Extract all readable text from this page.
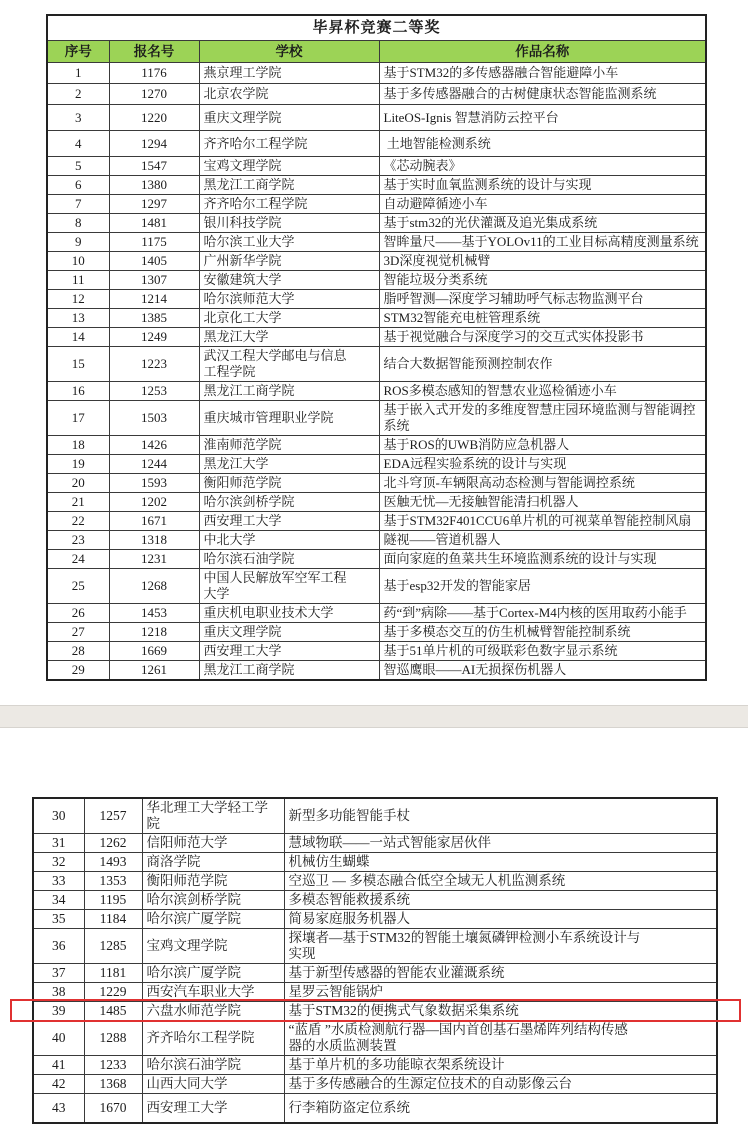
毕昇杯竞赛二等奖			
序号	报名号	学校	作品名称
1	1176	燕京理工学院	基于STM32的多传感器融合智能避障小车

2	1270	北京农学院	基于多传感器融合的古树健康状态智能监测系统

3	1220	重庆文理学院	LiteOS-Ignis 智慧消防云控平台

4	1294	齐齐哈尔工程学院	土地智能检测系统

5	1547	宝鸡文理学院	《芯动腕表》

6	1380	黑龙江工商学院	基于实时血氧监测系统的设计与实现

7	1297	齐齐哈尔工程学院	自动避障循迹小车

8	1481	银川科技学院	基于stm32的光伏灌溉及追光集成系统

9	1175	哈尔滨工业大学	智眸量尺——基于YOLOv11的工业目标高精度测量系统

10	1405	广州新华学院	3D深度视觉机械臂

11	1307	安徽建筑大学	智能垃圾分类系统

12	1214	哈尔滨师范大学	脂呼智测—深度学习辅助呼气标志物监测平台

13	1385	北京化工大学	STM32智能充电桩管理系统

14	1249	黑龙江大学	基于视觉融合与深度学习的交互式实体投影书

15	1223	武汉工程大学邮电与信息工程学院	结合大数据智能预测控制农作

16	1253	黑龙江工商学院	ROS多模态感知的智慧农业巡检循迹小车

17	1503	重庆城市管理职业学院	基于嵌入式开发的多维度智慧庄园环境监测与智能调控系统

18	1426	淮南师范学院	基于ROS的UWB消防应急机器人

19	1244	黑龙江大学	EDA远程实验系统的设计与实现

20	1593	衡阳师范学院	北斗穹顶-车辆限高动态检测与智能调控系统

21	1202	哈尔滨剑桥学院	医触无忧—无接触智能清扫机器人

22	1671	西安理工大学	基于STM32F401CCU6单片机的可视菜单智能控制风扇

23	1318	中北大学	隧视——管道机器人

24	1231	哈尔滨石油学院	面向家庭的鱼菜共生环境监测系统的设计与实现

25	1268	中国人民解放军空军工程大学	基于esp32开发的智能家居

26	1453	重庆机电职业技术大学	药“到”病除——基于Cortex-M4内核的医用取药小能手

27	1218	重庆文理学院	基于多模态交互的仿生机械臂智能控制系统

28	1669	西安理工大学	基于51单片机的可级联彩色数字显示系统

29	1261	黑龙江工商学院	智巡鹰眼——AI无损探伤机器人
30	1257	华北理工大学轻工学院	新型多功能智能手杖

31	1262	信阳师范大学	慧域物联——一站式智能家居伙伴

32	1493	商洛学院	机械仿生蝴蝶

33	1353	衡阳师范学院	空巡卫 — 多模态融合低空全域无人机监测系统

34	1195	哈尔滨剑桥学院	多模态智能救援系统

35	1184	哈尔滨广厦学院	简易家庭服务机器人

36	1285	宝鸡文理学院	探壤者—基于STM32的智能土壤氮磷钾检测小车系统设计与实现

37	1181	哈尔滨广厦学院	基于新型传感器的智能农业灌溉系统

38	1229	西安汽车职业大学	星罗云智能锅炉

39	1485	六盘水师范学院	基于STM32的便携式气象数据采集系统

40	1288	齐齐哈尔工程学院	“蓝盾 ”水质检测航行器—国内首创基石墨烯阵列结构传感器的水质监测装置

41	1233	哈尔滨石油学院	基于单片机的多功能晾衣架系统设计

42	1368	山西大同大学	基于多传感融合的生源定位技术的自动影像云台

43	1670	西安理工大学	行李箱防盗定位系统
